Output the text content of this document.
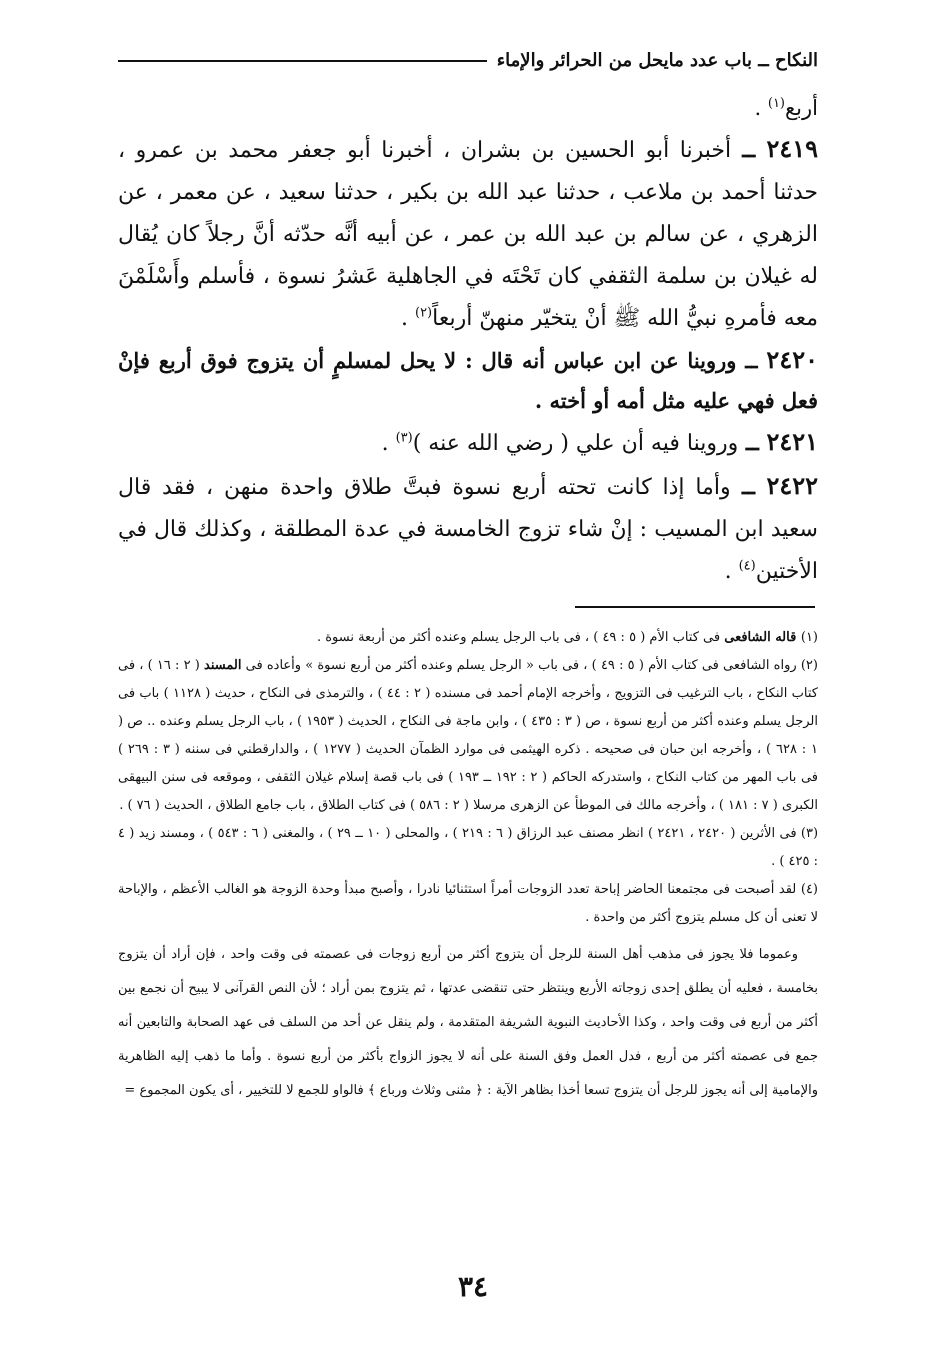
النكاح ــ باب عدد مايحل من الحرائر والإماء

أربع$^{(١)}$ .

٢٤١٩ ــ أخبرنا أبو الحسين بن بشران ، أخبرنا أبو جعفر محمد بن عمرو ، حدثنا أحمد بن ملاعب ، حدثنا عبد الله بن بكير ، حدثنا سعيد ، عن معمر ، عن الزهري ، عن سالم بن عبد الله بن عمر ، عن أبيه أنَّه حدّثه أنَّ رجلاً كان يُقال له غيلان بن سلمة الثقفي كان تَحْتَه في الجاهلية عَشرُ نسوة ، فأسلم وأَسْلَمْنَ معه فأمرهِ نبيُّ الله ﷺ أنْ يتخيّر منهنّ أربعاً$^{(٢)}$ .

٢٤٢٠ ــ وروينا عن ابن عباس أنه قال : لا يحل لمسلمٍ أن يتزوج فوق أربع فإنْ فعل فهي عليه مثل أمه أو أخته .

٢٤٢١ ــ وروينا فيه أن علي ( رضي الله عنه )$^{(٣)}$ .

٢٤٢٢ ــ وأما إذا كانت تحته أربع نسوة فبتَّ طلاق واحدة منهن ، فقد قال سعيد ابن المسيب : إنْ شاء تزوج الخامسة في عدة المطلقة ، وكذلك قال في الأختين$^{(٤)}$ .

(١) قاله الشافعى فى كتاب الأم ( ٥ : ٤٩ ) ، فى باب الرجل يسلم وعنده أكثر من أربعة نسوة .

(٢) رواه الشافعى فى كتاب الأم ( ٥ : ٤٩ ) ، فى باب « الرجل يسلم وعنده أكثر من أربع نسوة » وأعاده فى المسند ( ٢ : ١٦ ) ، فى كتاب النكاح ، باب الترغيب فى التزويج ، وأخرجه الإمام أحمد فى مسنده ( ٢ : ٤٤ ) ، والترمذى فى النكاح ، حديث ( ١١٢٨ ) باب فى الرجل يسلم وعنده أكثر من أربع نسوة ، ص ( ٣ : ٤٣٥ ) ، وابن ماجة فى النكاح ، الحديث ( ١٩٥٣ ) ، باب الرجل يسلم وعنده .. ص ( ١ : ٦٢٨ ) ، وأخرجه ابن حبان فى صحيحه . ذكره الهيثمى فى موارد الظمآن الحديث ( ١٢٧٧ ) ، والدارقطني فى سننه ( ٣ : ٢٦٩ ) فى باب المهر من كتاب النكاح ، واستدركه الحاكم ( ٢ : ١٩٢ ــ ١٩٣ ) فى باب قصة إسلام غيلان الثقفى ، وموقعه فى سنن البيهقى الكبرى ( ٧ : ١٨١ ) ، وأخرجه مالك فى الموطأ عن الزهرى مرسلا ( ٢ : ٥٨٦ ) فى كتاب الطلاق ، باب جامع الطلاق ، الحديث ( ٧٦ ) .

(٣) فى الأثرين ( ٢٤٢٠ ، ٢٤٢١ ) انظر مصنف عبد الرزاق ( ٦ : ٢١٩ ) ، والمحلى ( ١٠ ــ ٢٩ ) ، والمغنى ( ٦ : ٥٤٣ ) ، ومسند زيد ( ٤ : ٤٢٥ ) .

(٤) لقد أصبحت فى مجتمعنا الحاضر إباحة تعدد الزوجات أمراً استثنائيا نادرا ، وأصبح مبدأ وحدة الزوجة هو الغالب الأعظم ، والإباحة لا تعنى أن كل مسلم يتزوج أكثر من واحدة .

وعموما فلا يجوز فى مذهب أهل السنة للرجل أن يتزوج أكثر من أربع زوجات فى عصمته فى وقت واحد ، فإن أراد أن يتزوج بخامسة ، فعليه أن يطلق إحدى زوجاته الأربع وينتظر حتى تنقضى عدتها ، ثم يتزوج بمن أراد ؛ لأن النص القرآنى لا يبيح أن نجمع بين أكثر من أربع فى وقت واحد ، وكذا الأحاديث النبوية الشريفة المتقدمة ، ولم ينقل عن أحد من السلف فى عهد الصحابة والتابعين أنه جمع فى عصمته أكثر من أربع ، فدل العمل وفق السنة على أنه لا يجوز الزواج بأكثر من أربع نسوة . وأما ما ذهب إليه الظاهرية والإمامية إلى أنه يجوز للرجل أن يتزوج تسعا أخذا بظاهر الآية : ﴿ مثنى وثلاث ورباع ﴾ فالواو للجمع لا للتخيير ، أى يكون المجموع =

٣٤
